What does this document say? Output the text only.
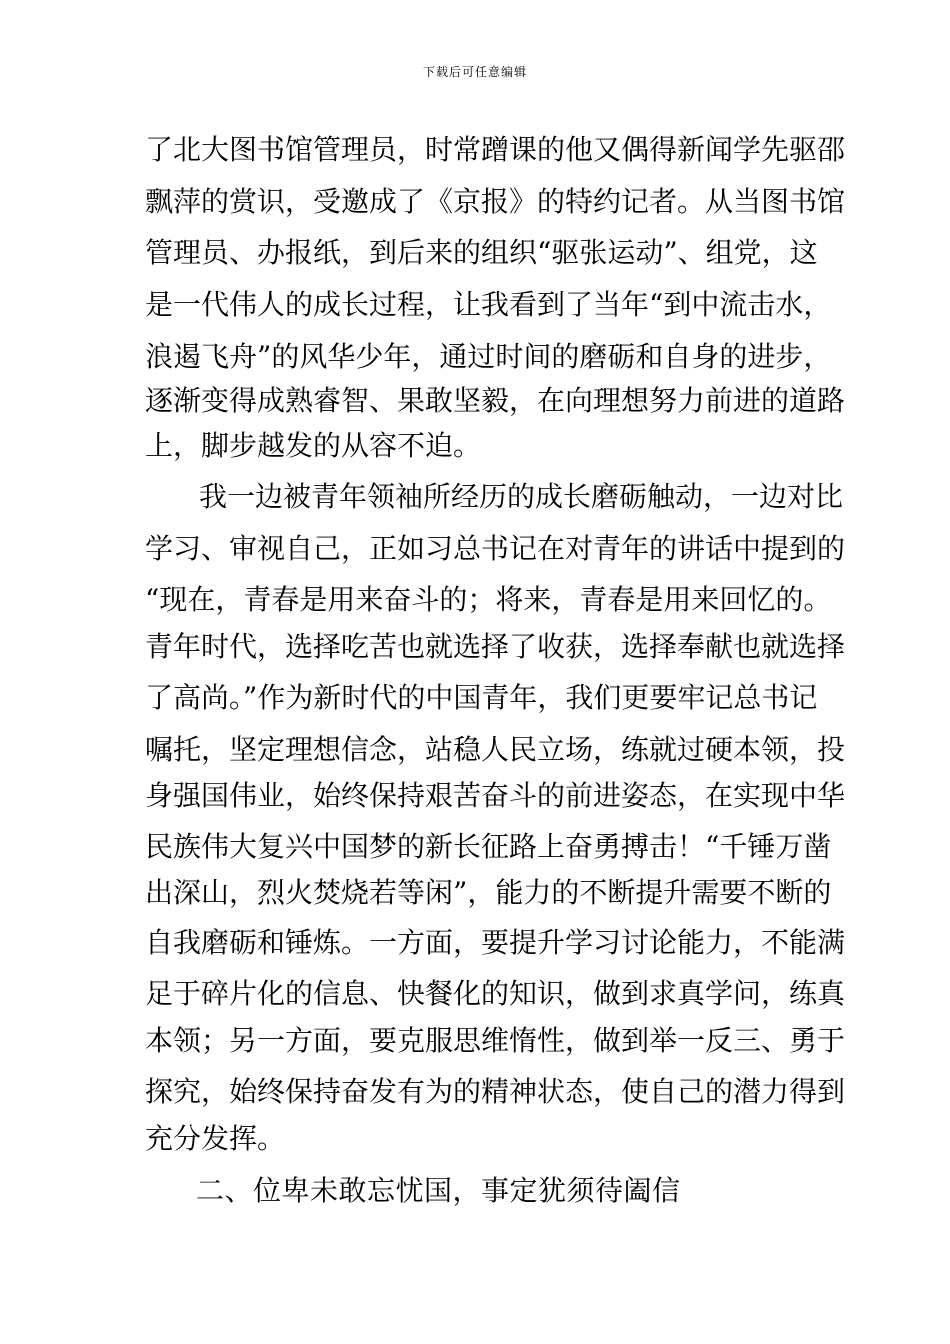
下载后可任意编辑
了北大图书馆管理员，时常蹭课的他又偶得新闻学先驱邵
飘萍的赏识，受邀成了《京报》的特约记者。从当图书馆
管理员、办报纸，到后来的组织“驱张运动”、组党，这
是一代伟人的成长过程，让我看到了当年“到中流击水，
浪遏飞舟”的风华少年，通过时间的磨砺和自身的进步，
逐渐变得成熟睿智、果敢坚毅，在向理想努力前进的道路
上，脚步越发的从容不迫。
我一边被青年领袖所经历的成长磨砺触动，一边对比
学习、审视自己，正如习总书记在对青年的讲话中提到的
“现在，青春是用来奋斗的；将来，青春是用来回忆的。
青年时代，选择吃苦也就选择了收获，选择奉献也就选择
了高尚。”作为新时代的中国青年，我们更要牢记总书记
嘱托，坚定理想信念，站稳人民立场，练就过硬本领，投
身强国伟业，始终保持艰苦奋斗的前进姿态，在实现中华
民族伟大复兴中国梦的新长征路上奋勇搏击！“千锤万凿
出深山，烈火焚烧若等闲”，能力的不断提升需要不断的
自我磨砺和锤炼。一方面，要提升学习讨论能力，不能满
足于碎片化的信息、快餐化的知识，做到求真学问，练真
本领；另一方面，要克服思维惰性，做到举一反三、勇于
探究，始终保持奋发有为的精神状态，使自己的潜力得到
充分发挥。
二、位卑未敢忘忧国，事定犹须待阖信
